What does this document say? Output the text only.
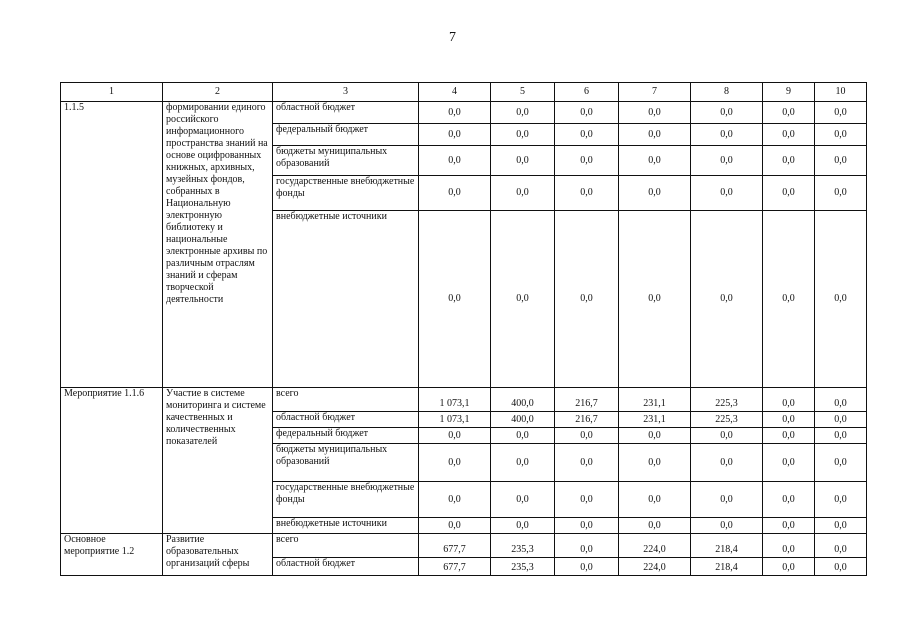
7
1	2	3	4	5	6	7	8	9	10
1.1.5	формировании единого российского информационного пространства знаний на основе оцифрованных книжных, архивных, музейных фондов, собранных в Национальную электронную библиотеку и национальные электронные архивы по различным отраслям знаний и сферам творческой деятельности	областной бюджет	0,0	0,0	0,0	0,0	0,0	0,0	0,0
		федеральный бюджет	0,0	0,0	0,0	0,0	0,0	0,0	0,0
		бюджеты муниципальных образований	0,0	0,0	0,0	0,0	0,0	0,0	0,0
		государственные внебюджетные фонды	0,0	0,0	0,0	0,0	0,0	0,0	0,0
		внебюджетные источники	0,0	0,0	0,0	0,0	0,0	0,0	0,0
Мероприятие 1.1.6	Участие в системе мониторинга и системе качественных и количественных показателей	всего	1 073,1	400,0	216,7	231,1	225,3	0,0	0,0
		областной бюджет	1 073,1	400,0	216,7	231,1	225,3	0,0	0,0
		федеральный бюджет	0,0	0,0	0,0	0,0	0,0	0,0	0,0
		бюджеты муниципальных образований	0,0	0,0	0,0	0,0	0,0	0,0	0,0
		государственные внебюджетные фонды	0,0	0,0	0,0	0,0	0,0	0,0	0,0
		внебюджетные источники	0,0	0,0	0,0	0,0	0,0	0,0	0,0
Основное мероприятие 1.2	Развитие образовательных организаций сферы	всего	677,7	235,3	0,0	224,0	218,4	0,0	0,0
		областной бюджет	677,7	235,3	0,0	224,0	218,4	0,0	0,0
